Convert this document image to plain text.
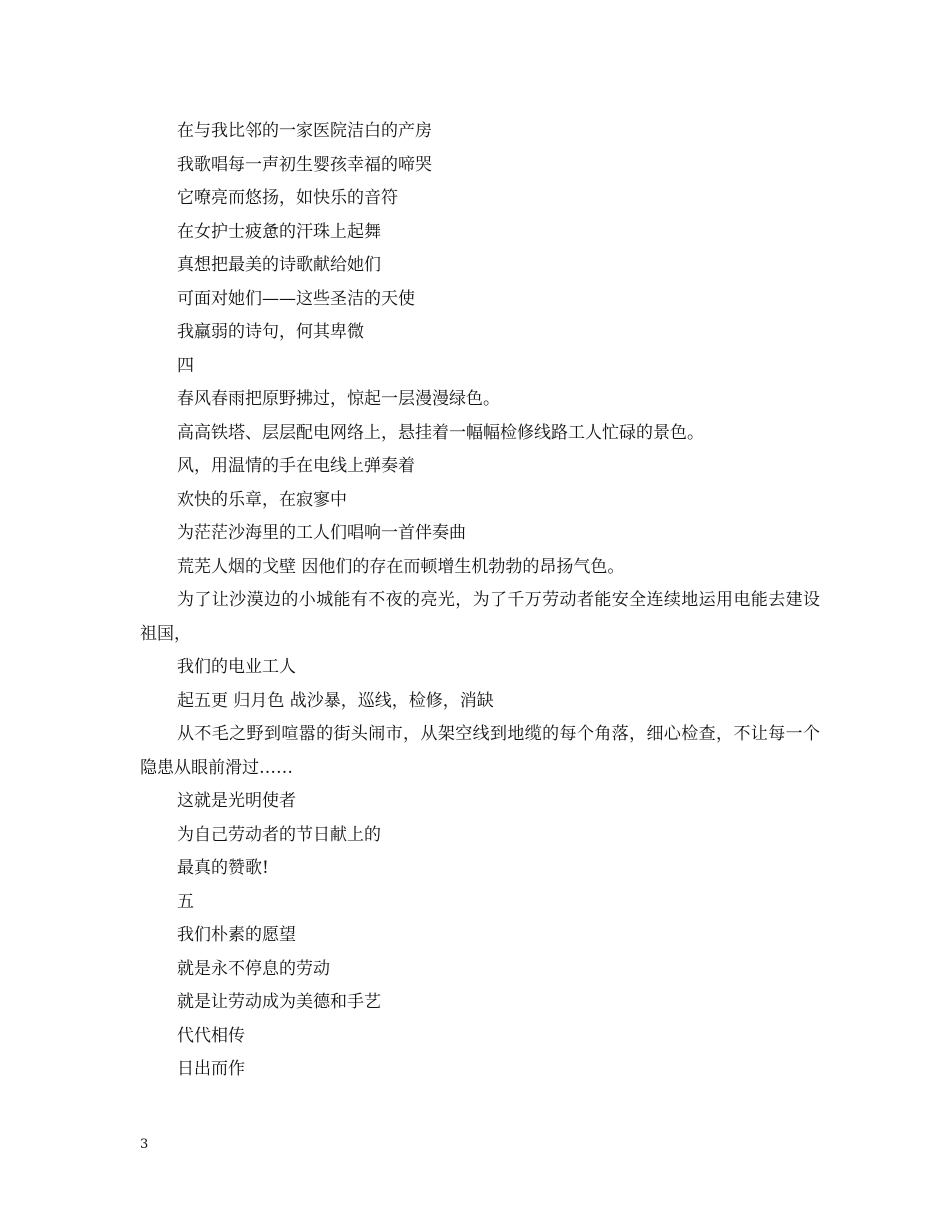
在与我比邻的一家医院洁白的产房

我歌唱每一声初生婴孩幸福的啼哭

它嘹亮而悠扬，如快乐的音符

在女护士疲惫的汗珠上起舞

真想把最美的诗歌献给她们

可面对她们——这些圣洁的天使

我羸弱的诗句，何其卑微

四

春风春雨把原野拂过，惊起一层漫漫绿色。

高高铁塔、层层配电网络上，悬挂着一幅幅检修线路工人忙碌的景色。

风，用温情的手在电线上弹奏着

欢快的乐章，在寂寥中

为茫茫沙海里的工人们唱响一首伴奏曲

荒芜人烟的戈壁 因他们的存在而顿增生机勃勃的昂扬气色。

为了让沙漠边的小城能有不夜的亮光，为了千万劳动者能安全连续地运用电能去建设祖国，

我们的电业工人

起五更 归月色 战沙暴，巡线，检修，消缺

从不毛之野到喧嚣的街头闹市，从架空线到地缆的每个角落，细心检查，不让每一个隐患从眼前滑过……

这就是光明使者

为自己劳动者的节日献上的

最真的赞歌!

五

我们朴素的愿望

就是永不停息的劳动

就是让劳动成为美德和手艺

代代相传

日出而作

3
